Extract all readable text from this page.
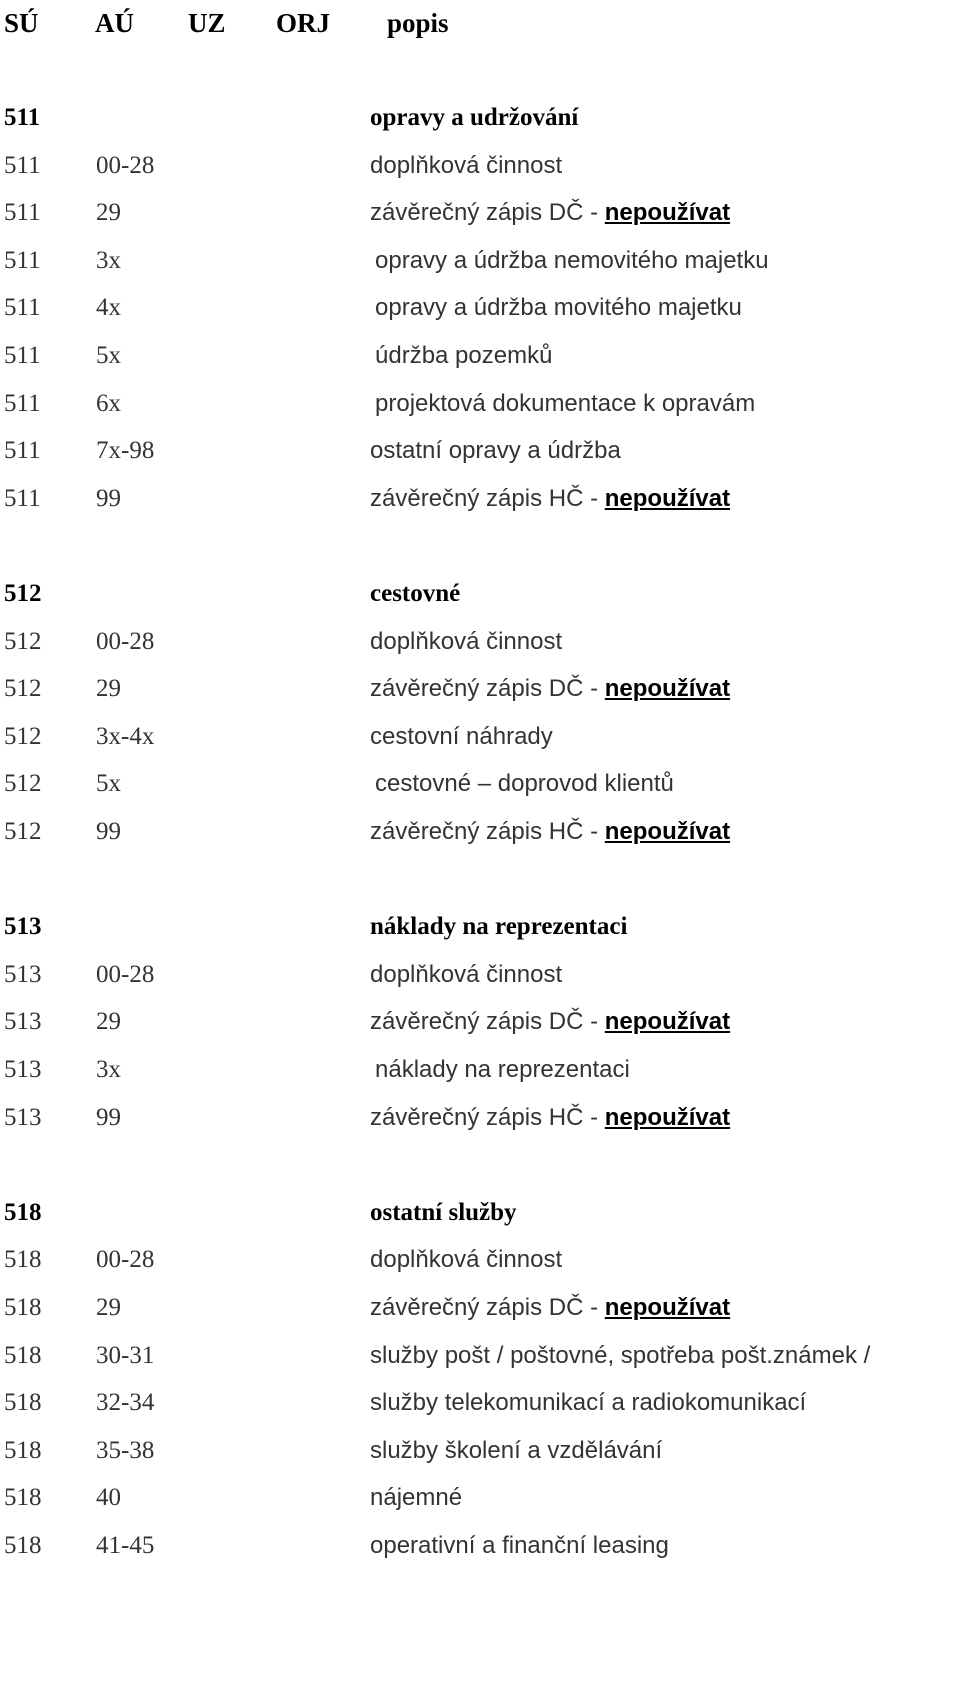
SÚ AÚ UZ ORJ popis
511	opravy a udržování
511 00-28	doplňková činnost
511 29	závěrečný zápis DČ - nepoužívat
511 3x	opravy a údržba nemovitého majetku
511 4x	opravy a údržba movitého majetku
511 5x	údržba pozemků
511 6x	projektová dokumentace k opravám
511 7x-98	ostatní opravy a údržba
511 99	závěrečný zápis HČ - nepoužívat
512	cestovné
512 00-28	doplňková činnost
512 29	závěrečný zápis DČ - nepoužívat
512 3x-4x	cestovní náhrady
512 5x	cestovné – doprovod klientů
512 99	závěrečný zápis HČ - nepoužívat
513	náklady na reprezentaci
513 00-28	doplňková činnost
513 29	závěrečný zápis DČ - nepoužívat
513 3x	náklady na reprezentaci
513 99	závěrečný zápis HČ - nepoužívat
518	ostatní služby
518 00-28	doplňková činnost
518 29	závěrečný zápis DČ - nepoužívat
518 30-31	služby pošt / poštovné, spotřeba pošt.známek /
518 32-34	služby telekomunikací a radiokomunikací
518 35-38	služby školení a vzdělávání
518 40	nájemné
518 41-45	operativní a finanční leasing
